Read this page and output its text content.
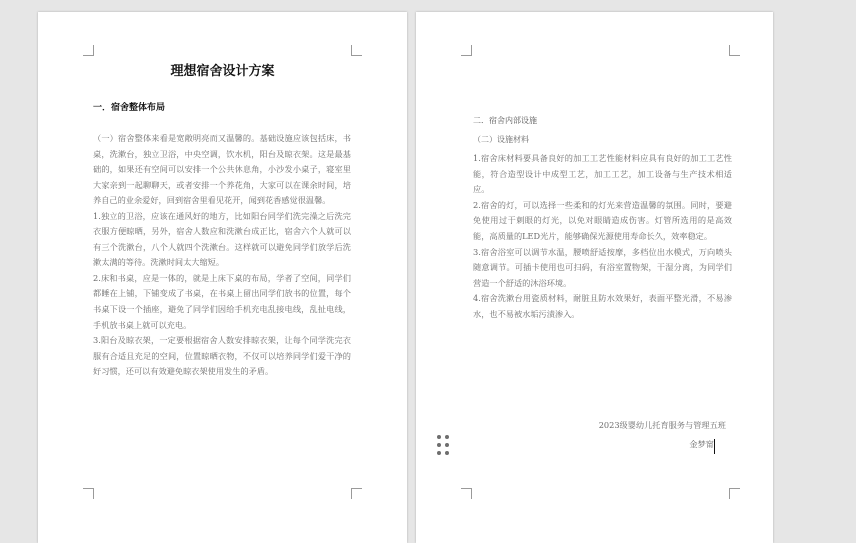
理想宿舍设计方案
一．宿舍整体布局

（一）宿舍整体来看是宽敞明亮而又温馨的。基础设施应该包括床，书桌，洗漱台，独立卫浴，中央空调，饮水机，阳台及晾衣架。这是最基础的，如果还有空间可以安排一个公共休息角，小沙发小桌子，寝室里大家亲到一起聊聊天，或者安排一个养花角，大家可以在课余时间，培养自己的业余爱好，回到宿舍里看见花开，闻到花香感觉很温馨。

1.独立的卫浴，应该在通风好的地方，比如阳台同学们洗完澡之后洗完衣服方便晾晒，另外，宿舍人数应和洗漱台成正比，宿舍六个人就可以有三个洗漱台，八个人就四个洗漱台。这样就可以避免同学们放学后洗漱太满的等待。洗漱时间太大缩短。

2.床和书桌，应是一体的，就是上床下桌的布局，学者了空间，同学们都睡在上铺，下铺变成了书桌，在书桌上留出同学们放书的位置，每个书桌下设一个插座，避免了同学们因给手机充电乱接电线，乱扯电线，手机放书桌上就可以充电。

3.阳台及晾衣架，一定要根据宿舍人数安排晾衣架，让每个同学洗完衣服有合适且充足的空间，位置晾晒衣物，不仅可以培养同学们爱干净的好习惯，还可以有效避免晾衣架使用发生的矛盾。

二．宿舍内部设施
（二）设施材料

1.宿舍床材料要具备良好的加工工艺性能材料应具有良好的加工工艺性能，符合造型设计中成型工艺，加工工艺，加工设备与生产技术相适应。

2.宿舍的灯，可以选择一些柔和的灯光来营造温馨的氛围。同时，要避免使用过于刺眼的灯光，以免对眼睛造成伤害。灯管所选用的是高效能，高质量的LED光片，能够确保光源使用寿命长久，效率稳定。

3.宿舍浴室可以调节水温，腰喷舒适按摩，多档位出水模式，万向喷头随意调节。可插卡使用也可扫码，有浴室置物架，干湿分离，为同学们营造一个舒适的沐浴环境。

4.宿舍洗漱台用瓷质材料，耐脏且防水效果好，表面平整光滑，不易渗水，也不易被水垢污渍渗入。

2023级婴幼儿托育服务与管理五班
金梦甯
